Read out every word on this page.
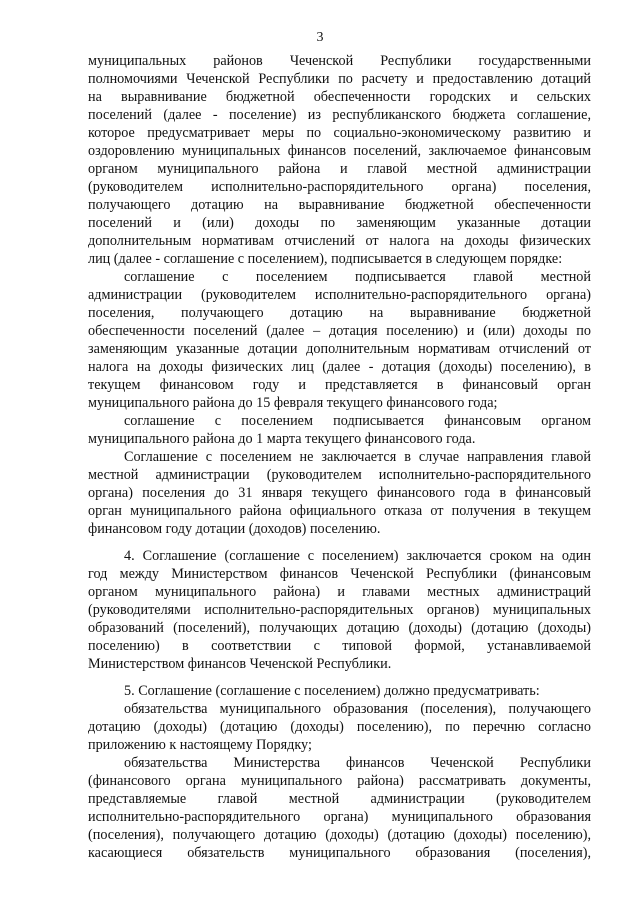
3
муниципальных районов Чеченской Республики государственными
полномочиями Чеченской Республики по расчету и предоставлению дотаций
на выравнивание бюджетной обеспеченности городских и сельских
поселений (далее - поселение) из республиканского бюджета соглашение,
которое предусматривает меры по социально-экономическому развитию и
оздоровлению муниципальных финансов поселений, заключаемое финансовым
органом муниципального района и главой местной администрации
(руководителем исполнительно-распорядительного органа) поселения,
получающего дотацию на выравнивание бюджетной обеспеченности
поселений и (или) доходы по заменяющим указанные дотации
дополнительным нормативам отчислений от налога на доходы физических
лиц (далее - соглашение с поселением), подписывается в следующем порядке:
соглашение с поселением подписывается главой местной
администрации (руководителем исполнительно-распорядительного органа)
поселения, получающего дотацию на выравнивание бюджетной
обеспеченности поселений (далее – дотация поселению) и (или) доходы по
заменяющим указанные дотации дополнительным нормативам отчислений от
налога на доходы физических лиц (далее - дотация (доходы) поселению), в
текущем финансовом году и представляется в финансовый орган
муниципального района до 15 февраля текущего финансового года;
соглашение с поселением подписывается финансовым органом
муниципального района до 1 марта текущего финансового года.
Соглашение с поселением не заключается в случае направления главой
местной администрации (руководителем исполнительно-распорядительного
органа) поселения до 31 января текущего финансового года в финансовый
орган муниципального района официального отказа от получения в текущем
финансовом году дотации (доходов) поселению.
4. Соглашение (соглашение с поселением) заключается сроком на один
год между Министерством финансов Чеченской Республики (финансовым
органом муниципального района) и главами местных администраций
(руководителями исполнительно-распорядительных органов) муниципальных
образований (поселений), получающих дотацию (доходы) (дотацию (доходы)
поселению) в соответствии с типовой формой, устанавливаемой
Министерством финансов Чеченской Республики.
5. Соглашение (соглашение с поселением) должно предусматривать:
обязательства муниципального образования (поселения), получающего
дотацию (доходы) (дотацию (доходы) поселению), по перечню согласно
приложению к настоящему Порядку;
обязательства Министерства финансов Чеченской Республики
(финансового органа муниципального района) рассматривать документы,
представляемые главой местной администрации (руководителем
исполнительно-распорядительного органа) муниципального образования
(поселения), получающего дотацию (доходы) (дотацию (доходы) поселению),
касающиеся обязательств муниципального образования (поселения),
